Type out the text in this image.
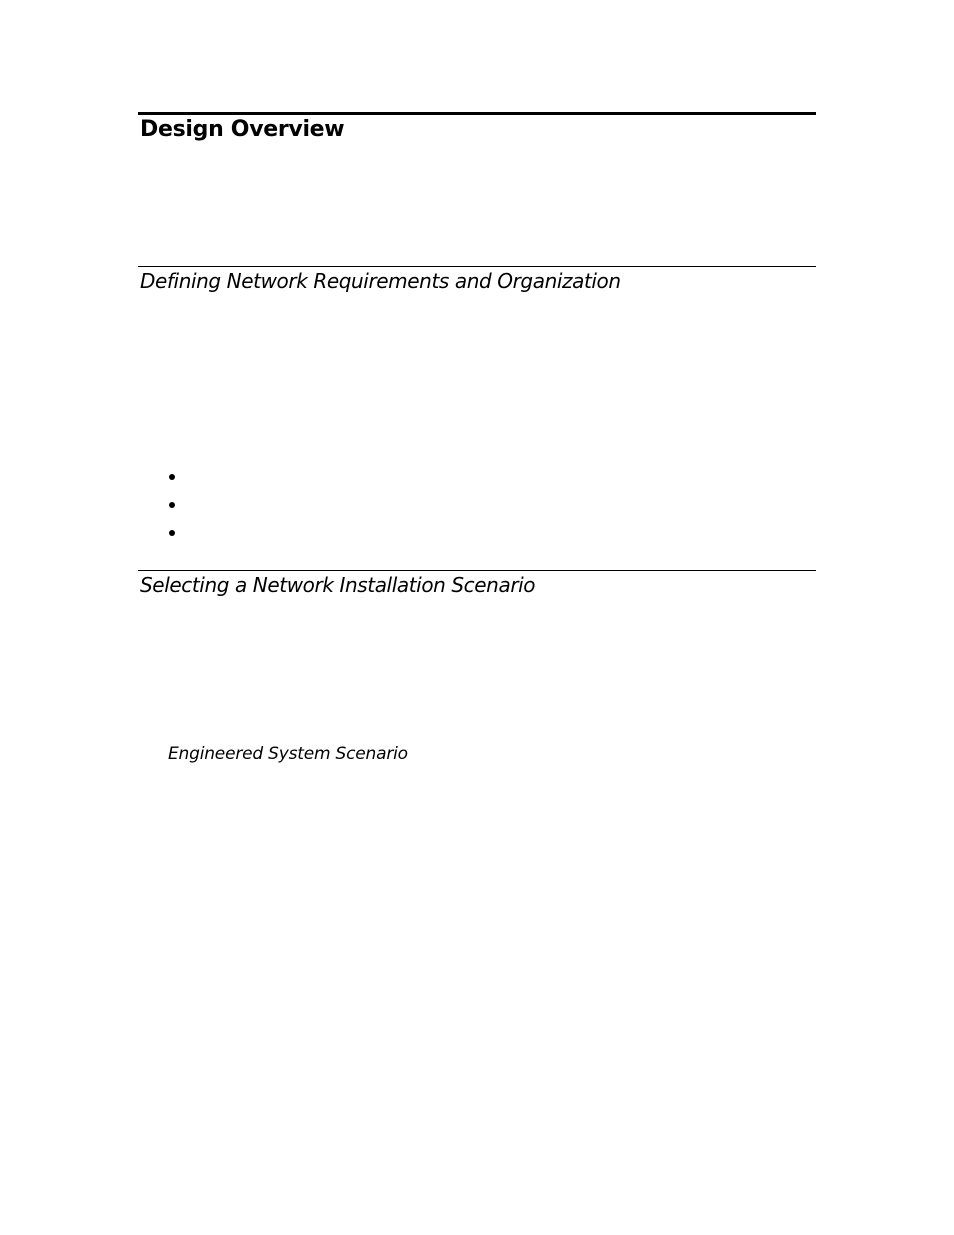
Design Overview
Defining Network Requirements and Organization
Selecting a Network Installation Scenario

Engineered System Scenario
